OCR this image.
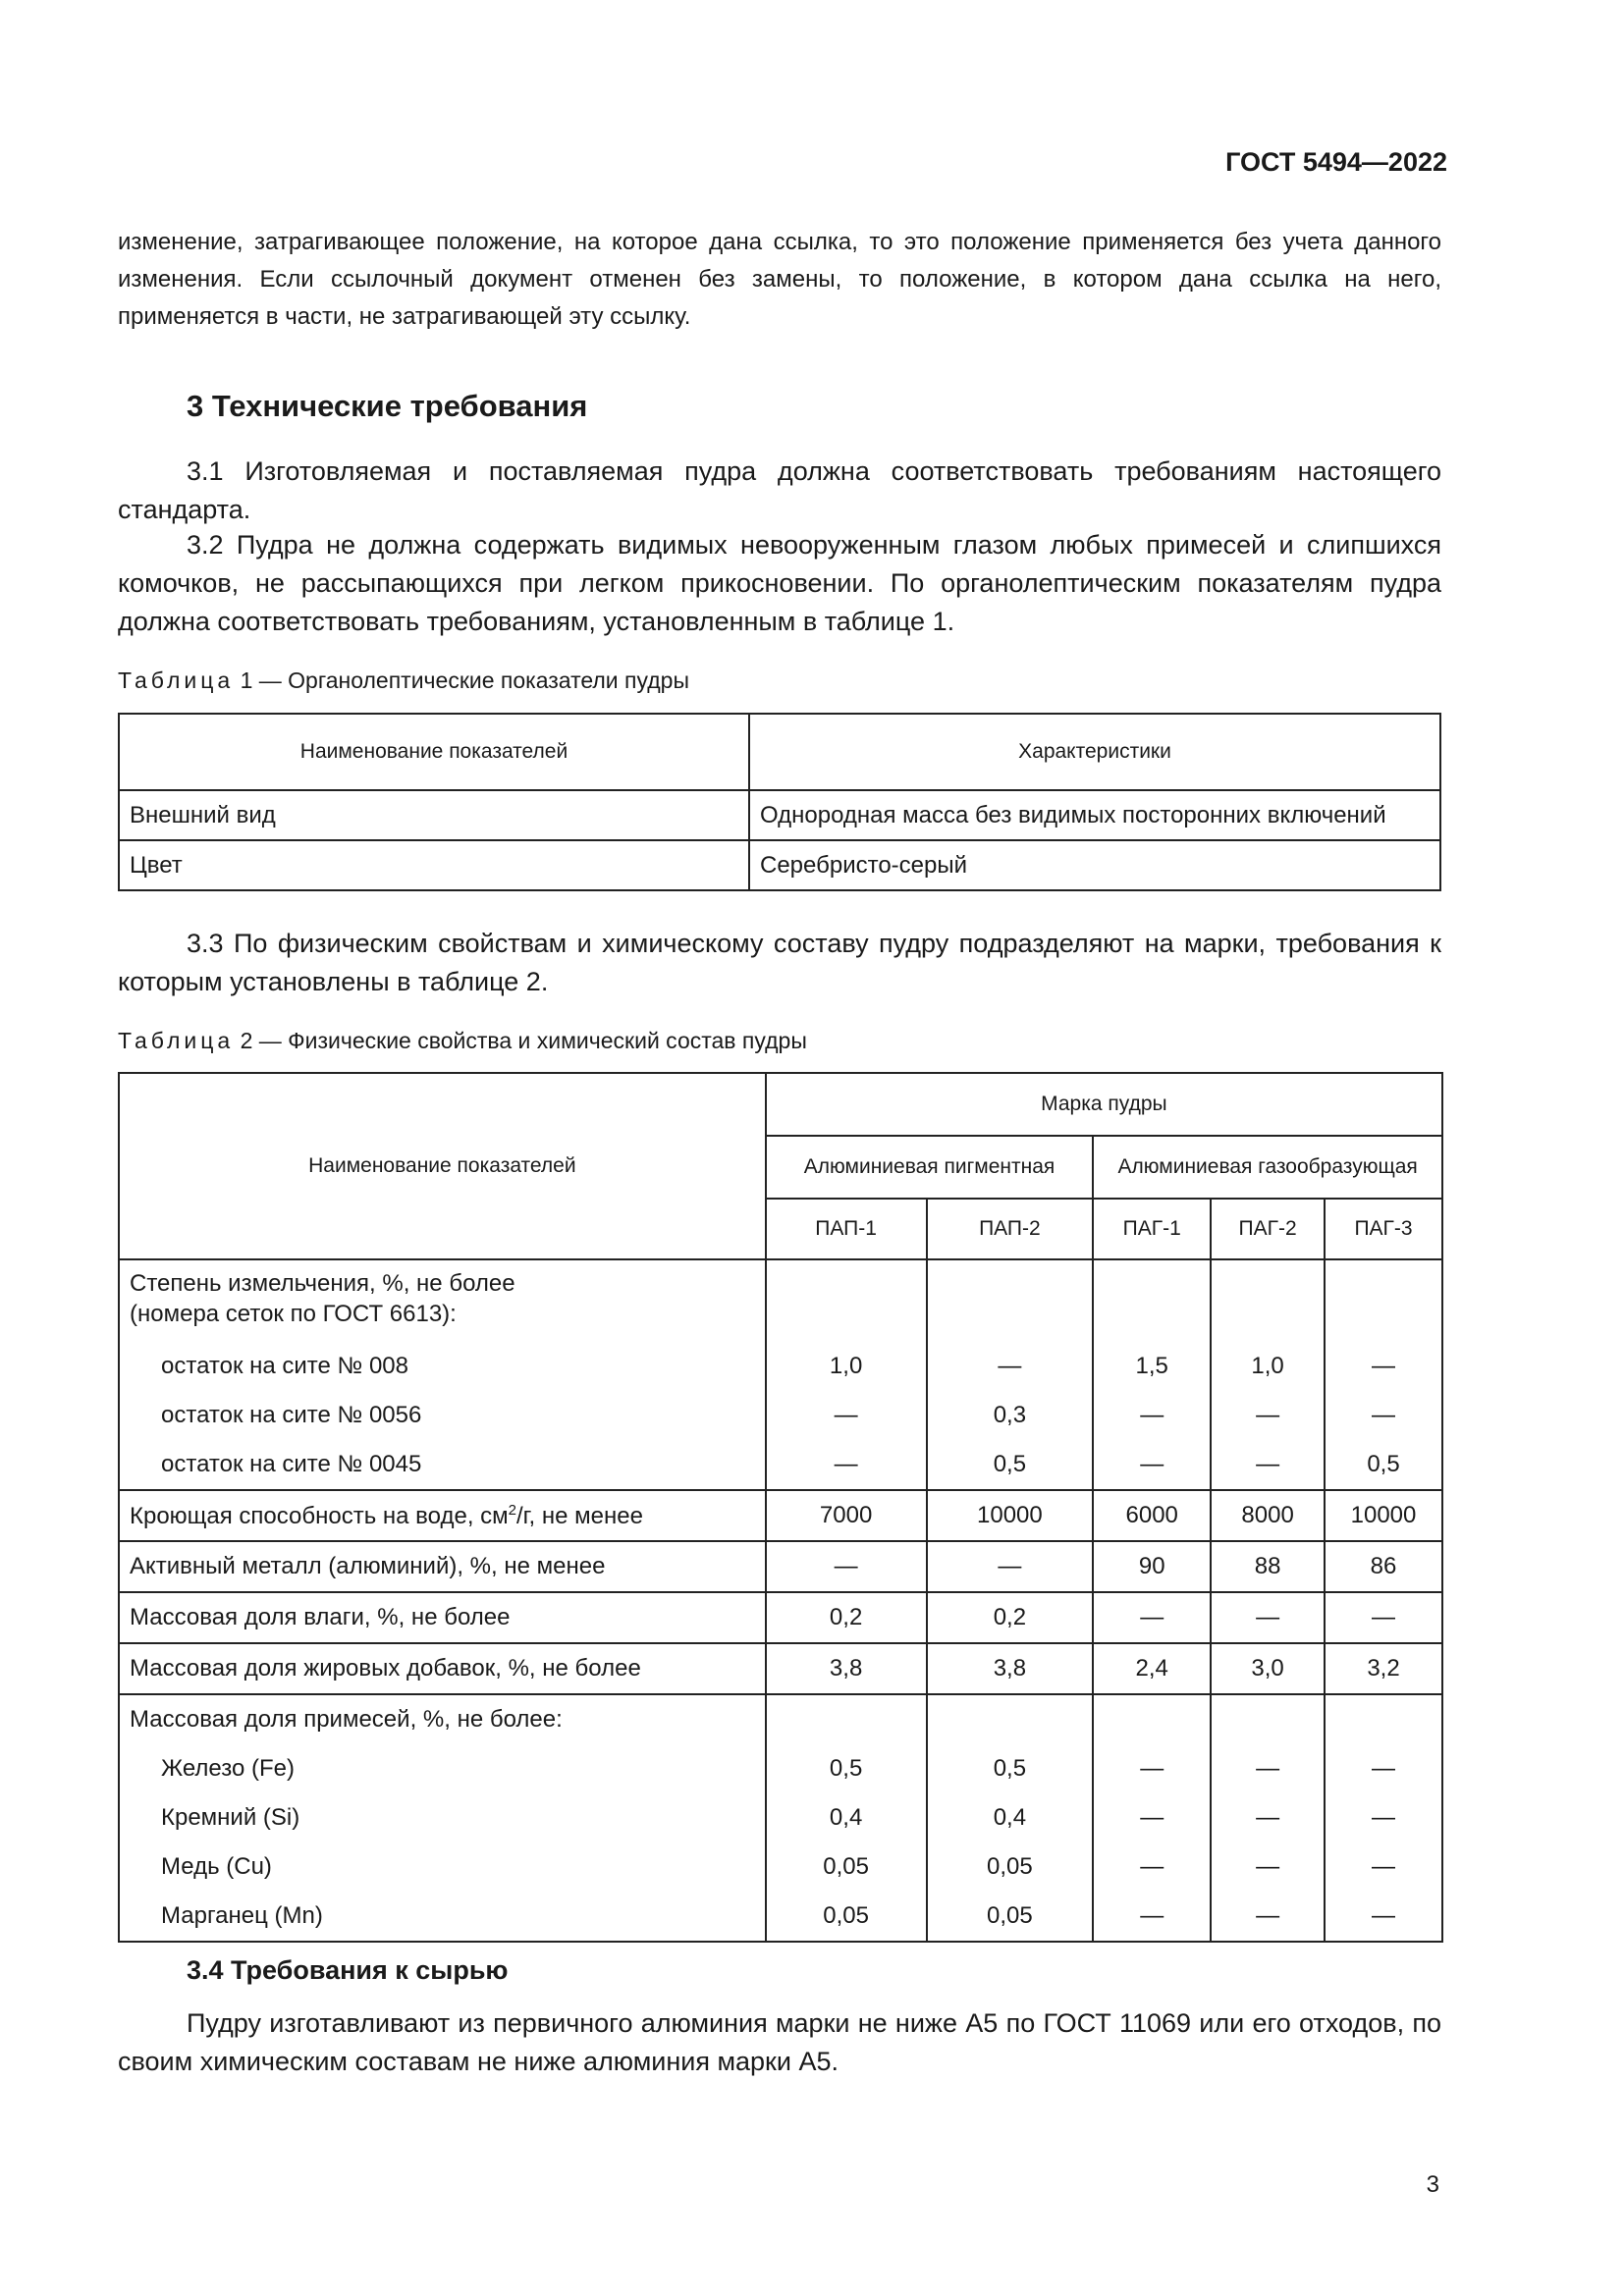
ГОСТ 5494—2022
изменение, затрагивающее положение, на которое дана ссылка, то это положение применяется без учета данного изменения. Если ссылочный документ отменен без замены, то положение, в котором дана ссылка на него, применяется в части, не затрагивающей эту ссылку.
3 Технические требования
3.1 Изготовляемая и поставляемая пудра должна соответствовать требованиям настоящего стандарта.
3.2 Пудра не должна содержать видимых невооруженным глазом любых примесей и слипшихся комочков, не рассыпающихся при легком прикосновении. По органолептическим показателям пудра должна соответствовать требованиям, установленным в таблице 1.
Таблица 1 — Органолептические показатели пудры
Наименование показателей	Характеристики
Внешний вид	Однородная масса без видимых посторонних включений
Цвет	Серебристо-серый
3.3 По физическим свойствам и химическому составу пудру подразделяют на марки, требования к которым установлены в таблице 2.
Таблица 2 — Физические свойства и химический состав пудры
Наименование показателей	Марка пудры				
	Алюминиевая пигментная		Алюминиевая газообразующая		
	ПАП-1	ПАП-2	ПАГ-1	ПАГ-2	ПАГ-3

Степень измельчения, %, не более
(номера сеток по ГОСТ 6613):					

остаток на сите № 008	1,0	—	1,5	1,0	—
остаток на сите № 0056	—	0,3	—	—	—
остаток на сите № 0045	—	0,5	—	—	0,5
Кроющая способность на воде, $см^2/г$, не менее	7000	10000	6000	8000	10000
Активный металл (алюминий), %, не менее	—	—	90	88	86
Массовая доля влаги, %, не более	0,2	0,2	—	—	—
Массовая доля жировых добавок, %, не более	3,8	3,8	2,4	3,0	3,2
Массовая доля примесей, %, не более:					
Железо (Fe)	0,5	0,5	—	—	—
Кремний (Si)	0,4	0,4	—	—	—
Медь (Cu)	0,05	0,05	—	—	—
Марганец (Mn)	0,05	0,05	—	—	—
3.4 Требования к сырью
Пудру изготавливают из первичного алюминия марки не ниже А5 по ГОСТ 11069 или его отходов, по своим химическим составам не ниже алюминия марки А5.
3
